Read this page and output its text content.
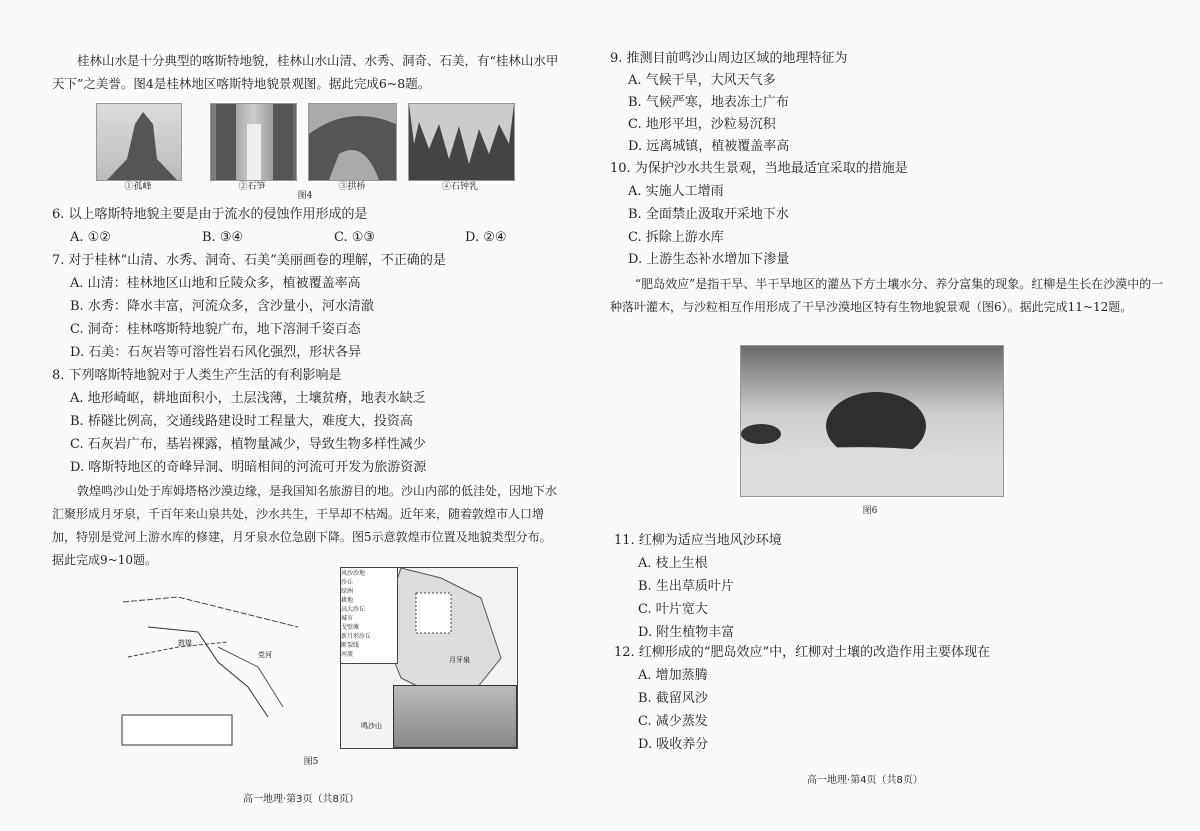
桂林山水是十分典型的喀斯特地貌，桂林山水山清、水秀、洞奇、石美，有“桂林山水甲天下”之美誉。图4是桂林地区喀斯特地貌景观图。据此完成6~8题。

①孤峰	②石笋	③拱桥	④石钟乳
图4

6. 以上喀斯特地貌主要是由于流水的侵蚀作用形成的是

A. ①②	B. ③④	C. ①③	D. ②④

7. 对于桂林“山清、水秀、洞奇、石美”美丽画卷的理解，不正确的是

A. 山清：桂林地区山地和丘陵众多，植被覆盖率高

B. 水秀：降水丰富，河流众多，含沙量小，河水清澈

C. 洞奇：桂林喀斯特地貌广布，地下溶洞千姿百态

D. 石美：石灰岩等可溶性岩石风化强烈，形状各异

8. 下列喀斯特地貌对于人类生产生活的有利影响是

A. 地形崎岖，耕地面积小，土层浅薄，土壤贫瘠，地表水缺乏

B. 桥隧比例高，交通线路建设时工程量大，难度大，投资高

C. 石灰岩广布，基岩裸露，植物量减少，导致生物多样性减少

D. 喀斯特地区的奇峰异洞、明暗相间的河流可开发为旅游资源

敦煌鸣沙山处于库姆塔格沙漠边缘，是我国知名旅游目的地。沙山内部的低洼处，因地下水汇聚形成月牙泉，千百年来山泉共处，沙水共生，干旱却不枯竭。近年来，随着敦煌市人口增加，特别是党河上游水库的修建，月牙泉水位急剧下降。图5示意敦煌市位置及地貌类型分布。据此完成9~10题。

敦煌
党河
月牙泉
鸣沙山
风沙沙地
沙丘
绿洲
耕地
高大沙丘
城市
戈壁滩
新月形沙丘
断裂线
河流
图5
高一地理·第3页（共8页）

9. 推测目前鸣沙山周边区域的地理特征为

A. 气候干旱，大风天气多

B. 气候严寒，地表冻土广布

C. 地形平坦，沙粒易沉积

D. 远离城镇，植被覆盖率高

10. 为保护沙水共生景观，当地最适宜采取的措施是

A. 实施人工增雨

B. 全面禁止汲取开采地下水

C. 拆除上游水库

D. 上游生态补水增加下渗量

“肥岛效应”是指干旱、半干旱地区的灌丛下方土壤水分、养分富集的现象。红柳是生长在沙漠中的一种落叶灌木，与沙粒相互作用形成了干旱沙漠地区特有生物地貌景观（图6）。据此完成11~12题。

图6

11. 红柳为适应当地风沙环境

A. 枝上生根

B. 生出草质叶片

C. 叶片宽大

D. 附生植物丰富

12. 红柳形成的“肥岛效应”中，红柳对土壤的改造作用主要体现在

A. 增加蒸腾

B. 截留风沙

C. 减少蒸发

D. 吸收养分

高一地理·第4页（共8页）
